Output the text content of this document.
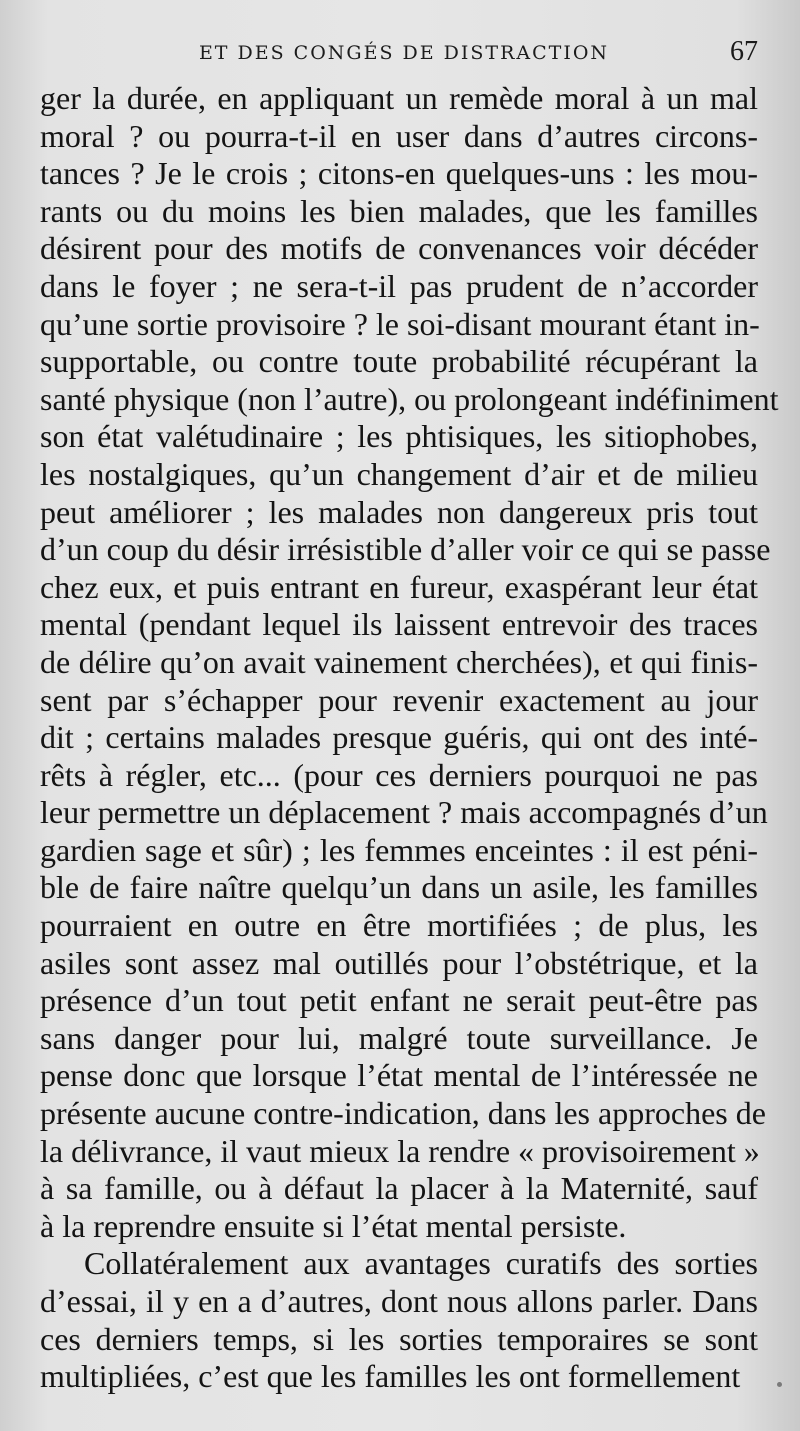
ET DES CONGÉS DE DISTRACTION	67
ger la durée, en appliquant un remède moral à un mal
moral ? ou pourra-t-il en user dans d’autres circons-
tances ? Je le crois ; citons-en quelques-uns : les mou-
rants ou du moins les bien malades, que les familles
désirent pour des motifs de convenances voir décéder
dans le foyer ; ne sera-t-il pas prudent de n’accorder
qu’une sortie provisoire ? le soi-disant mourant étant in-
supportable, ou contre toute probabilité récupérant la
santé physique (non l’autre), ou prolongeant indéfiniment
son état valétudinaire ; les phtisiques, les sitiophobes,
les nostalgiques, qu’un changement d’air et de milieu
peut améliorer ; les malades non dangereux pris tout
d’un coup du désir irrésistible d’aller voir ce qui se passe
chez eux, et puis entrant en fureur, exaspérant leur état
mental (pendant lequel ils laissent entrevoir des traces
de délire qu’on avait vainement cherchées), et qui finis-
sent par s’échapper pour revenir exactement au jour
dit ; certains malades presque guéris, qui ont des inté-
rêts à régler, etc... (pour ces derniers pourquoi ne pas
leur permettre un déplacement ? mais accompagnés d’un
gardien sage et sûr) ; les femmes enceintes : il est péni-
ble de faire naître quelqu’un dans un asile, les familles
pourraient en outre en être mortifiées ; de plus, les
asiles sont assez mal outillés pour l’obstétrique, et la
présence d’un tout petit enfant ne serait peut-être pas
sans danger pour lui, malgré toute surveillance. Je
pense donc que lorsque l’état mental de l’intéressée ne
présente aucune contre-indication, dans les approches de
la délivrance, il vaut mieux la rendre « provisoirement »
à sa famille, ou à défaut la placer à la Maternité, sauf
à la reprendre ensuite si l’état mental persiste.
Collatéralement aux avantages curatifs des sorties
d’essai, il y en a d’autres, dont nous allons parler. Dans
ces derniers temps, si les sorties temporaires se sont
multipliées, c’est que les familles les ont formellement
